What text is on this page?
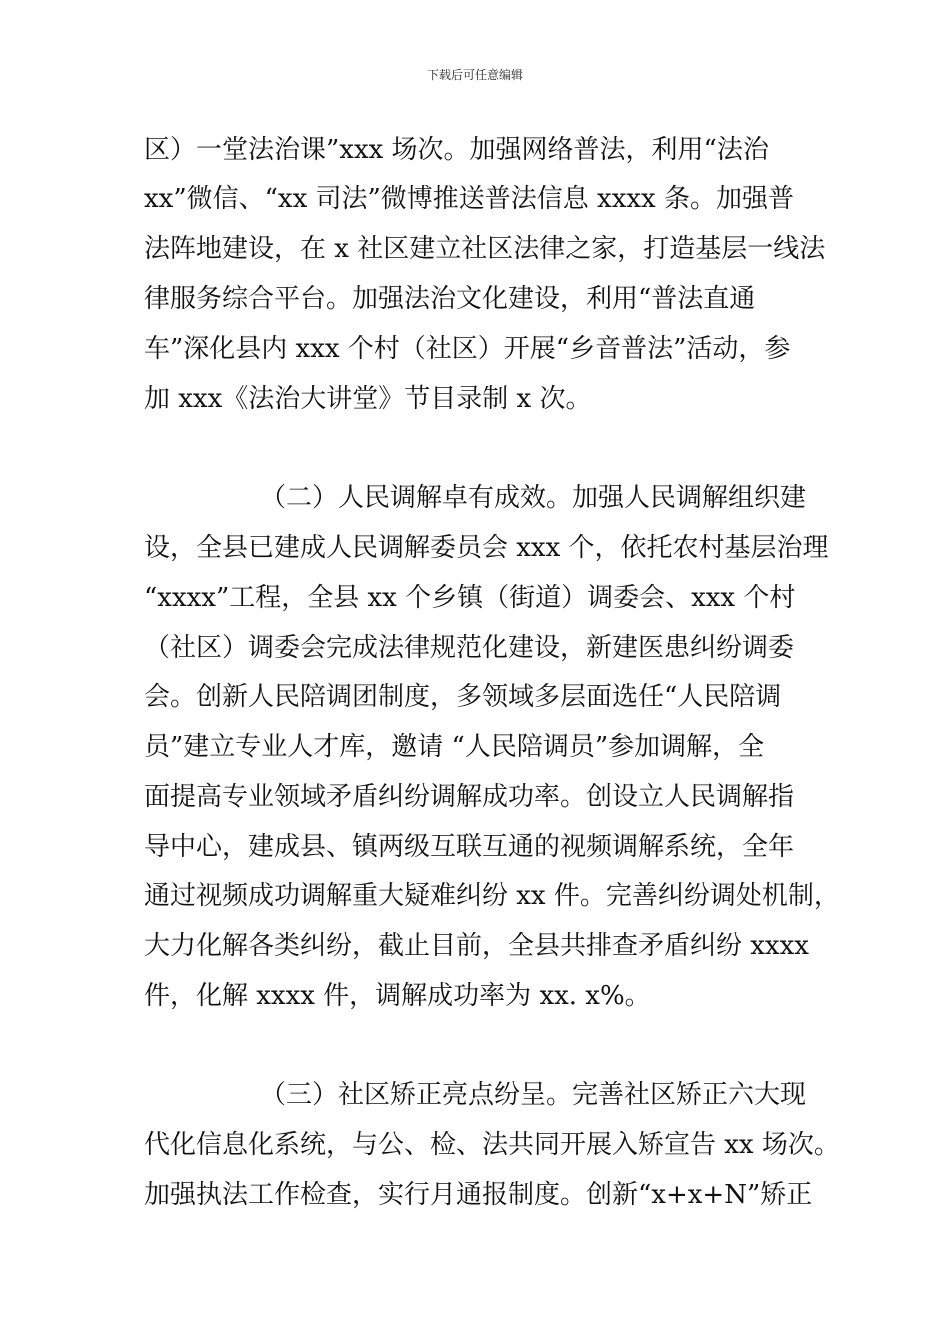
下载后可任意编辑
区）一堂法治课”xxx 场次。加强网络普法，利用“法治
xx”微信、“xx 司法”微博推送普法信息 xxxx 条。加强普
法阵地建设，在 x 社区建立社区法律之家，打造基层一线法
律服务综合平台。加强法治文化建设，利用“普法直通
车”深化县内 xxx 个村（社区）开展“乡音普法”活动，参
加 xxx《法治大讲堂》节目录制 x 次。
（二）人民调解卓有成效。加强人民调解组织建
设，全县已建成人民调解委员会 xxx 个，依托农村基层治理
“xxxx”工程，全县 xx 个乡镇（街道）调委会、xxx 个村
（社区）调委会完成法律规范化建设，新建医患纠纷调委
会。创新人民陪调团制度，多领域多层面选任“人民陪调
员”建立专业人才库，邀请 “人民陪调员”参加调解，全
面提高专业领域矛盾纠纷调解成功率。创设立人民调解指
导中心，建成县、镇两级互联互通的视频调解系统，全年
通过视频成功调解重大疑难纠纷 xx 件。完善纠纷调处机制，
大力化解各类纠纷，截止目前，全县共排查矛盾纠纷 xxxx
件，化解 xxxx 件，调解成功率为 xx. x%。
（三）社区矫正亮点纷呈。完善社区矫正六大现
代化信息化系统，与公、检、法共同开展入矫宣告 xx 场次。
加强执法工作检查，实行月通报制度。创新“x+x+N”矫正
